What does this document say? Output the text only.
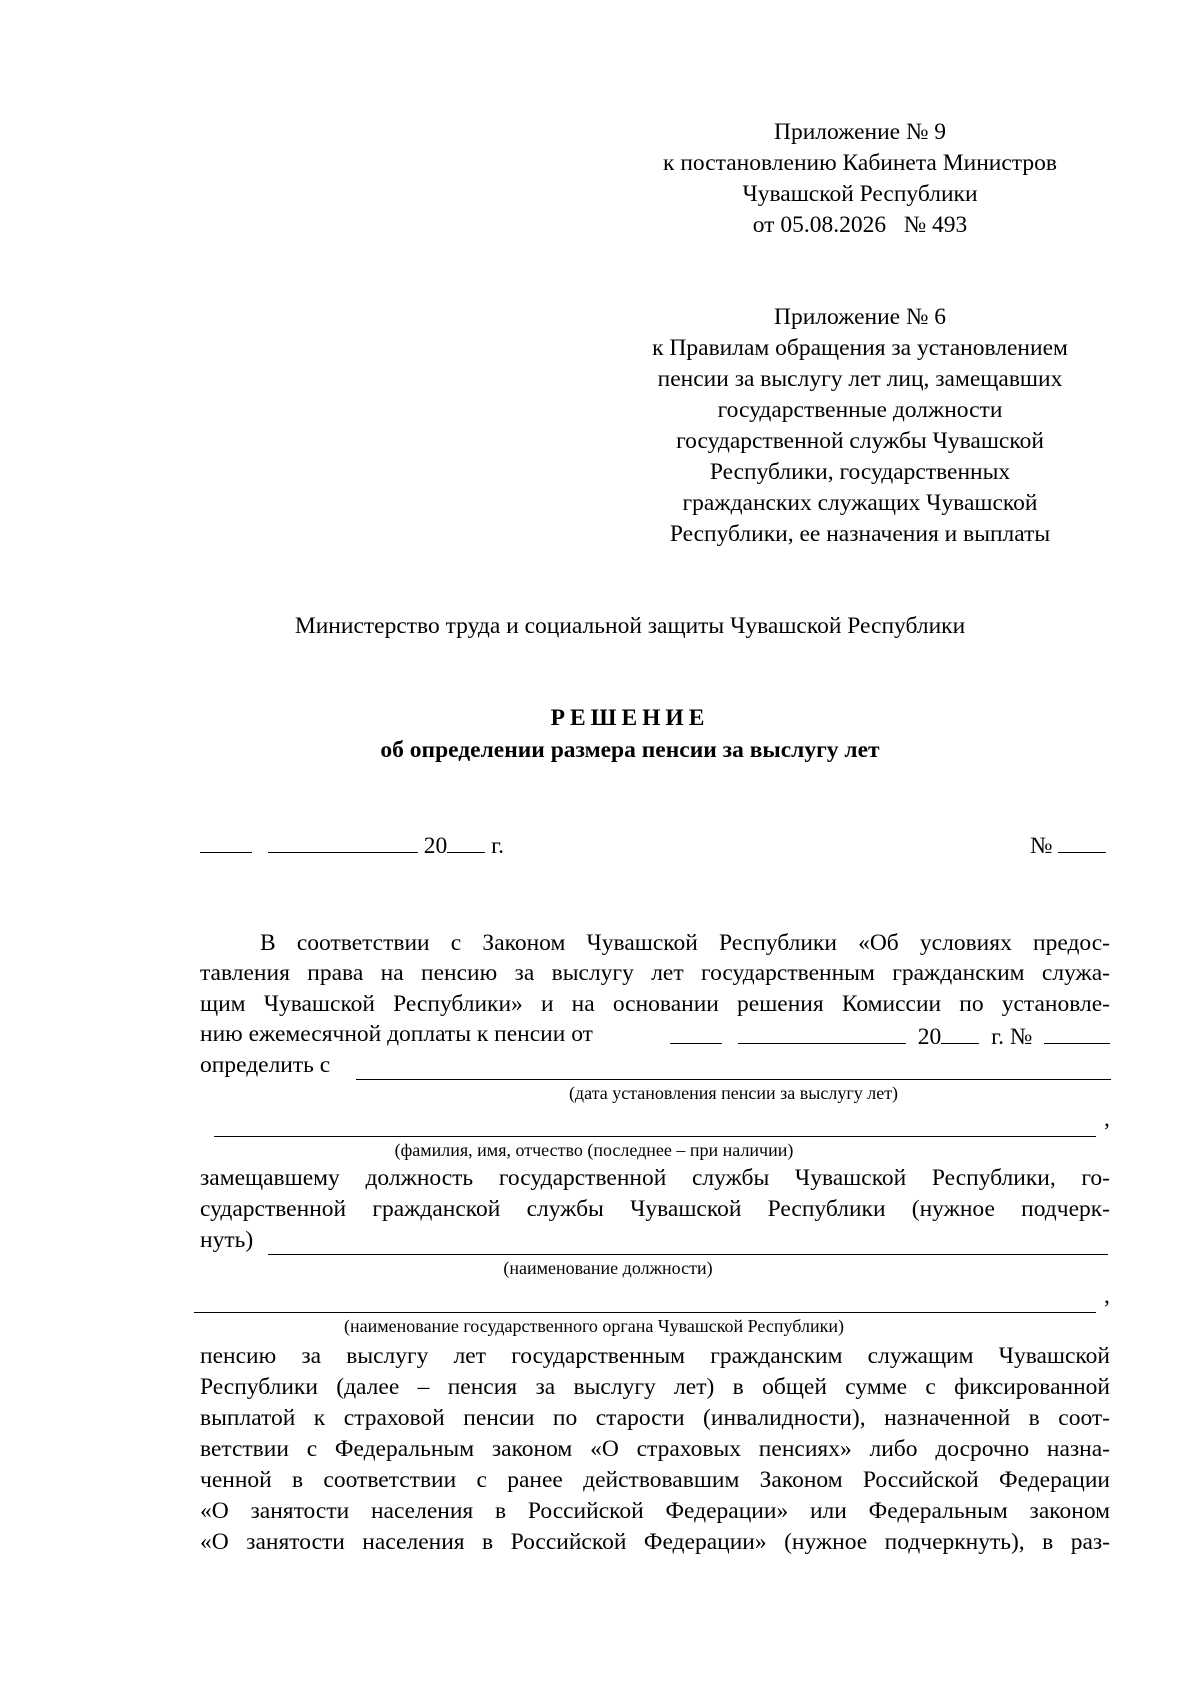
Приложение № 9
к постановлению Кабинета Министров
Чувашской Республики
от 05.08.2026   № 493
Приложение № 6
к Правилам обращения за установлением
пенсии за выслугу лет лиц, замещавших
государственные должности
государственной службы Чувашской
Республики, государственных
гражданских служащих Чувашской
Республики, ее назначения и выплаты
Министерство труда и социальной защиты Чувашской Республики
РЕШЕНИЕ
об определении размера пенсии за выслугу лет
20 г.	№
В соответствии с Законом Чувашской Республики «Об условиях предос-
тавления права на пенсию за выслугу лет государственным гражданским служа-
щим Чувашской Республики» и на основании решения Комиссии по установле-
нию ежемесячной доплаты к пенсии от	20 г. №
определить с
(дата установления пенсии за выслугу лет)
,
(фамилия, имя, отчество (последнее – при наличии)
замещавшему должность государственной службы Чувашской Республики, го-
сударственной гражданской службы Чувашской Республики (нужное подчерк-
нуть)
(наименование должности)
,
(наименование государственного органа Чувашской Республики)
пенсию за выслугу лет государственным гражданским служащим Чувашской
Республики (далее – пенсия за выслугу лет) в общей сумме с фиксированной
выплатой к страховой пенсии по старости (инвалидности), назначенной в соот-
ветствии с Федеральным законом «О страховых пенсиях» либо досрочно назна-
ченной в соответствии с ранее действовавшим Законом Российской Федерации
«О занятости населения в Российской Федерации» или Федеральным законом
«О занятости населения в Российской Федерации» (нужное подчеркнуть), в раз-
